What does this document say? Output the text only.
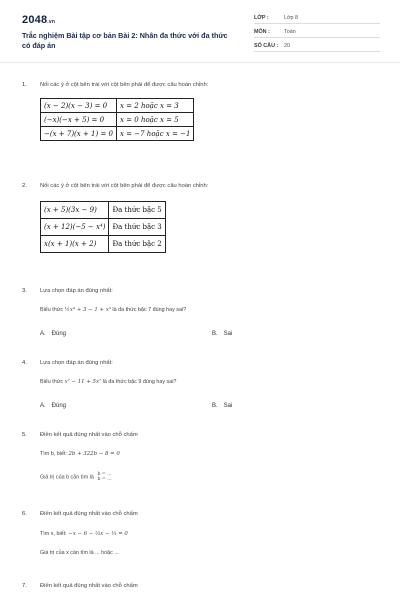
2048.vn
Trắc nghiệm Bài tập cơ bản Bài 2: Nhân đa thức với đa thức có đáp án
LỚP :	Lớp 8
MÔN :	Toán
SỐ CÂU : 20
1. Nối các ý ở cột bên trái với cột bên phải để được câu hoàn chỉnh:
(x − 2)(x − 3) = 0	x = 2 hoặc x = 3
(−x)(−x + 5) = 0	x = 0 hoặc x = 5
−(x + 7)(x + 1) = 0	x = −7 hoặc x = −1
2. Nối các ý ở cột bên trái với cột bên phải để được câu hoàn chỉnh:
(x + 5)(3x − 9)	Đa thức bậc 5
(x + 12)(−5 − x⁴)	Đa thức bậc 3
x(x + 1)(x + 2)	Đa thức bậc 2
3. Lựa chọn đáp án đúng nhất:
Biểu thức ½x⁴ + 3 − 1 + x³ là đa thức bậc 7 đúng hay sai?
A. Đúng	B. Sai
4. Lựa chọn đáp án đúng nhất:
Biểu thức x⁷ − 11 + 5x⁷ là đa thức bậc 9 đúng hay sai?
A. Đúng	B. Sai
5. Điền kết quả đúng nhất vào chỗ chấm
Tìm b, biết: 2b + 322b − 8 = 0
Giá trị của b cần tìm là b = ...
b = ...
6. Điền kết quả đúng nhất vào chỗ chấm
Tìm x, biết: −x − 6 − ⅓x − ⅓ = 0
Giá trị của x cần tìm là ... hoặc ...
7. Điền kết quả đúng nhất vào chỗ chấm
